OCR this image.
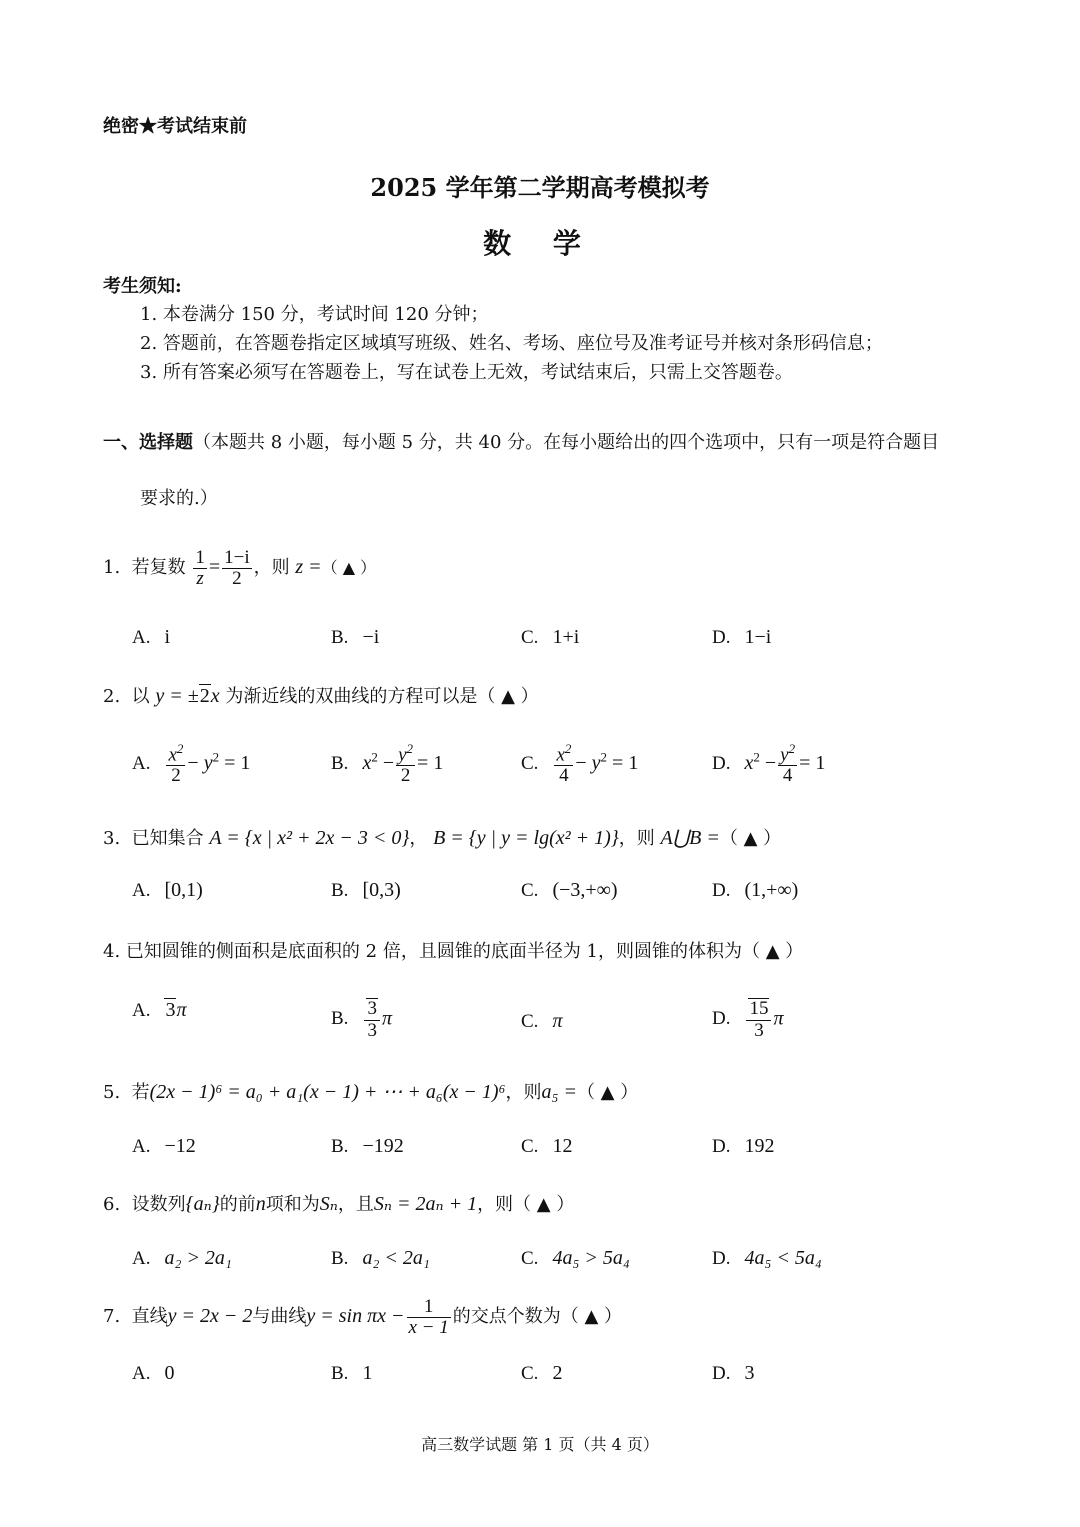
绝密★考试结束前
2025 学年第二学期高考模拟考
数 学
考生须知:
1. 本卷满分 150 分，考试时间 120 分钟；
2. 答题前，在答题卷指定区域填写班级、姓名、考场、座位号及准考证号并核对条形码信息；
3. 所有答案必须写在答题卷上，写在试卷上无效，考试结束后，只需上交答题卷。
一、选择题（本题共 8 小题，每小题 5 分，共 40 分。在每小题给出的四个选项中，只有一项是符合题目
要求的.）
1. 若复数 $\frac{1}{z} = \frac{1-i}{2}$ ，则 z =（ ▲ ）
A. i	B. −i	C. 1+i	D. 1−i
2. 以 y = ±2x 为渐近线的双曲线的方程可以是（ ▲ ）
A. $\frac{x^2}{2} - y^2 = 1$	B. $x^2 - \frac{y^2}{2} = 1$	C. $\frac{x^2}{4} - y^2 = 1$	D. $x^2 - \frac{y^2}{4} = 1$
3. 已知集合 A = {x | x² + 2x − 3 < 0}， B = {y | y = lg(x² + 1)}，则 A⋃B =（ ▲ ）
A. [0,1)	B. [0,3)	C. (−3,+∞)	D. (1,+∞)
4. 已知圆锥的侧面积是底面积的 2 倍，且圆锥的底面半径为 1，则圆锥的体积为（ ▲ ）
A. 3π	B. $\frac{3}{3}$ π	C. π	D. $\frac{15}{3}$ π
5. 若(2x − 1)⁶ = a₀ + a₁(x − 1) + ⋯ + a₆(x − 1)⁶，则a₅ =（ ▲ ）
A. −12	B. −192	C. 12	D. 192
6. 设数列{aₙ}的前n项和为Sₙ，且Sₙ = 2aₙ + 1，则（ ▲ ）
A. a₂ > 2a₁	B. a₂ < 2a₁	C. 4a₅ > 5a₄	D. 4a₅ < 5a₄
7. 直线y = 2x − 2与曲线$y = \sin \pi x - \frac{1}{x - 1}$ 的交点个数为（ ▲ ）
A. 0	B. 1	C. 2	D. 3
高三数学试题 第 1 页（共 4 页）
